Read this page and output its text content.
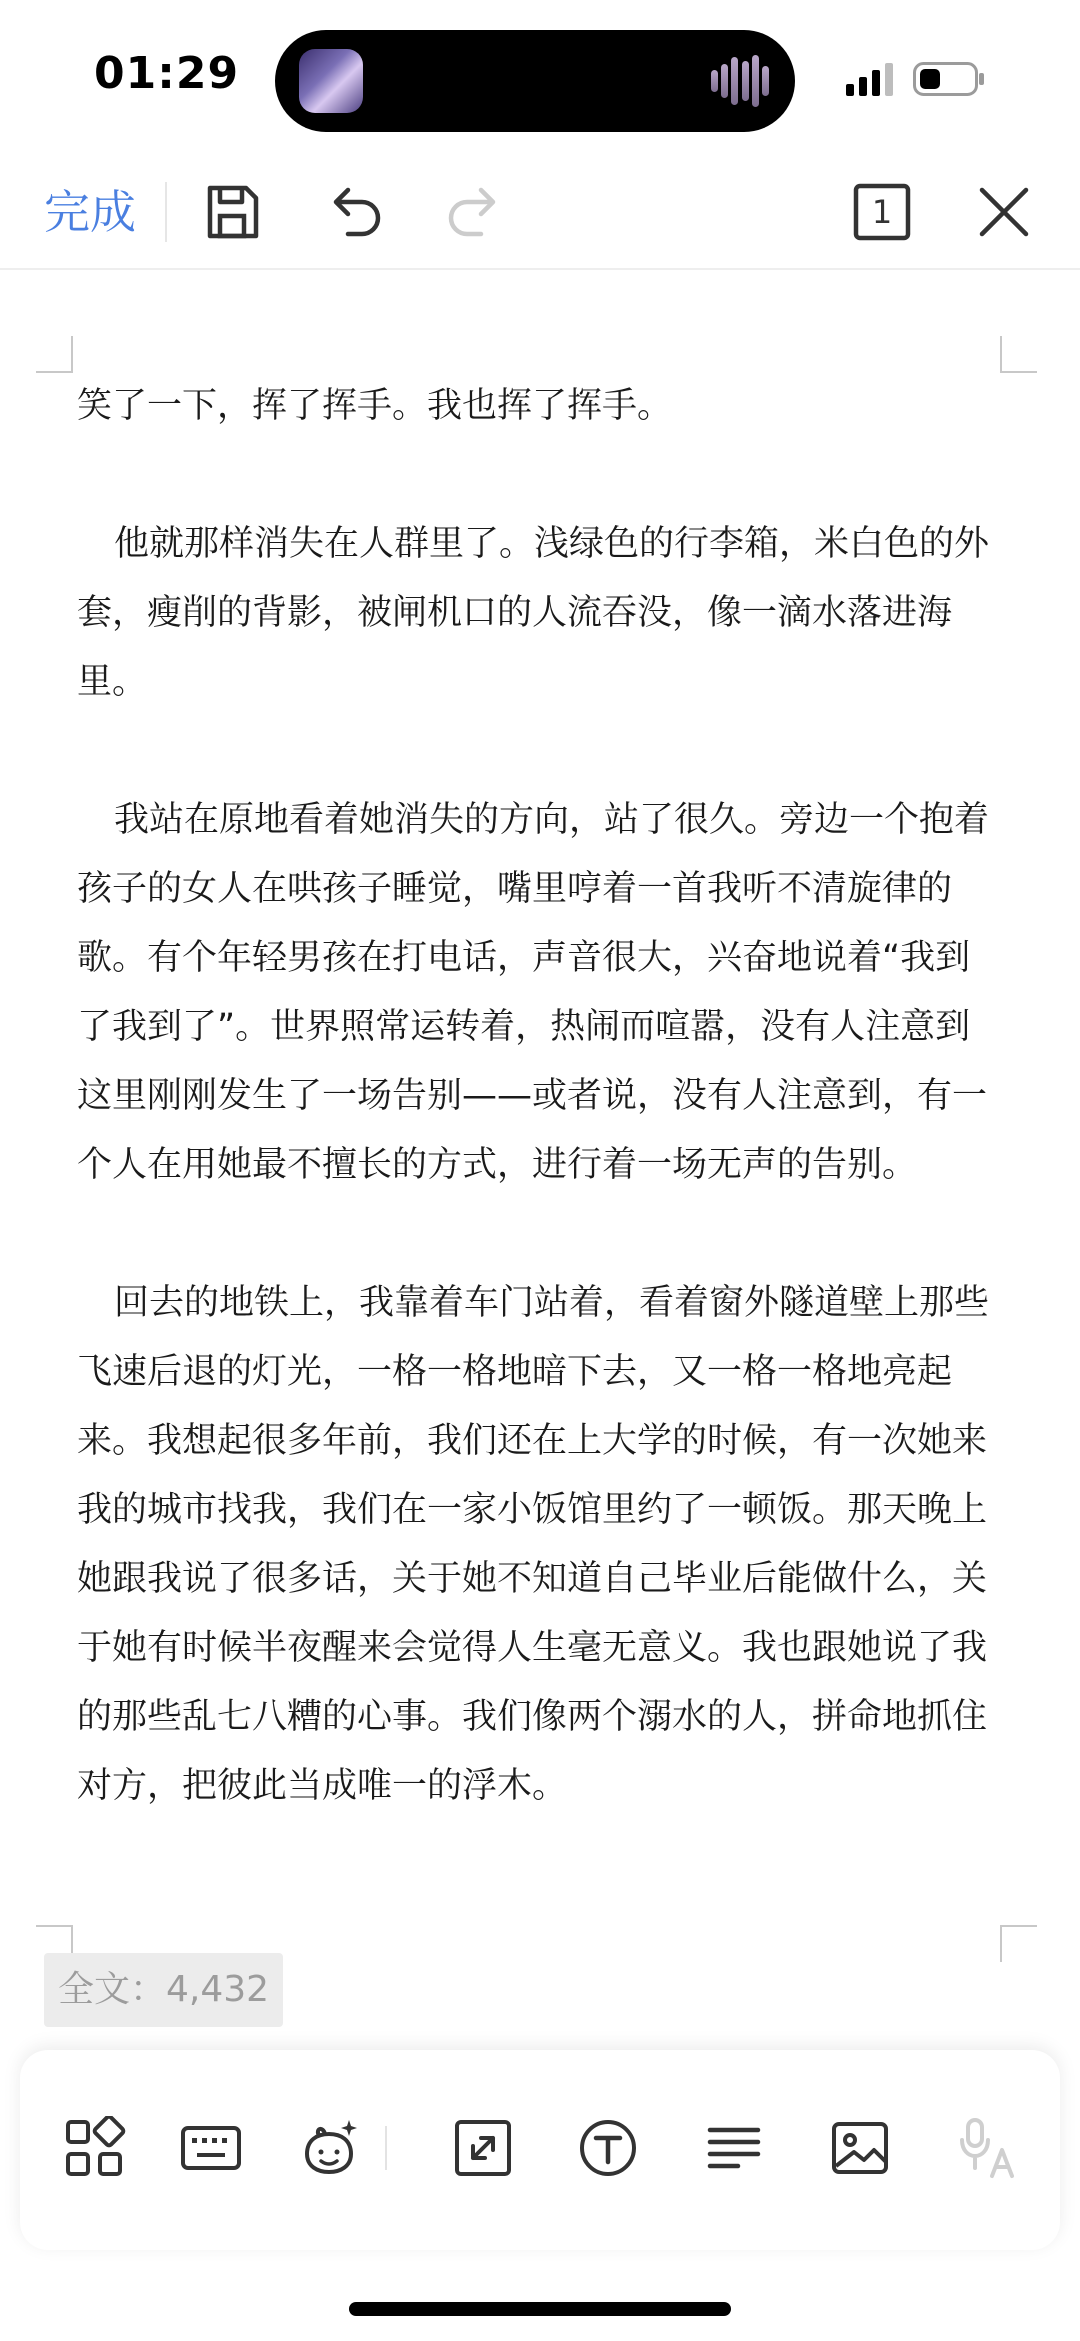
01:29
完成	1

笑了一下，挥了挥手。我也挥了挥手。

他就那样消失在人群里了。浅绿色的行李箱，米白色的外套，瘦削的背影，被闸机口的人流吞没，像一滴水落进海里。

我站在原地看着她消失的方向，站了很久。旁边一个抱着孩子的女人在哄孩子睡觉，嘴里哼着一首我听不清旋律的歌。有个年轻男孩在打电话，声音很大，兴奋地说着“我到了我到了”。世界照常运转着，热闹而喧嚣，没有人注意到这里刚刚发生了一场告别——或者说，没有人注意到，有一个人在用她最不擅长的方式，进行着一场无声的告别。

回去的地铁上，我靠着车门站着，看着窗外隧道壁上那些飞速后退的灯光，一格一格地暗下去，又一格一格地亮起来。我想起很多年前，我们还在上大学的时候，有一次她来我的城市找我，我们在一家小饭馆里约了一顿饭。那天晚上她跟我说了很多话，关于她不知道自己毕业后能做什么，关于她有时候半夜醒来会觉得人生毫无意义。我也跟她说了我的那些乱七八糟的心事。我们像两个溺水的人，拼命地抓住对方，把彼此当成唯一的浮木。

全文：4,432
